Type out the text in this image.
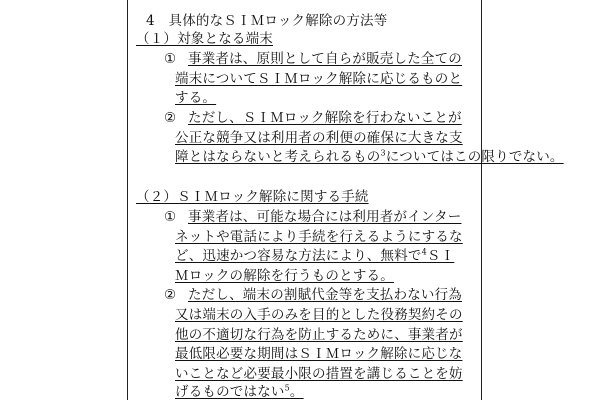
4　具体的なＳＩＭロック解除の方法等
（１）対象となる端末
① 事業者は、原則として自らが販売した全ての
端末についてＳＩＭロック解除に応じるものと
する。
② ただし、ＳＩＭロック解除を行わないことが
公正な競争又は利用者の利便の確保に大きな支
障とはならないと考えられるもの$^3$についてはこの限りでない。
（２）ＳＩＭロック解除に関する手続
① 事業者は、可能な場合には利用者がインター
ネットや電話により手続を行えるようにするな
ど、迅速かつ容易な方法により、無料で$^4$ＳＩ
Ｍロックの解除を行うものとする。
② ただし、端末の割賦代金等を支払わない行為
又は端末の入手のみを目的とした役務契約その
他の不適切な行為を防止するために、事業者が
最低限必要な期間はＳＩＭロック解除に応じな
いことなど必要最小限の措置を講じることを妨
げるものではない$^5$。
